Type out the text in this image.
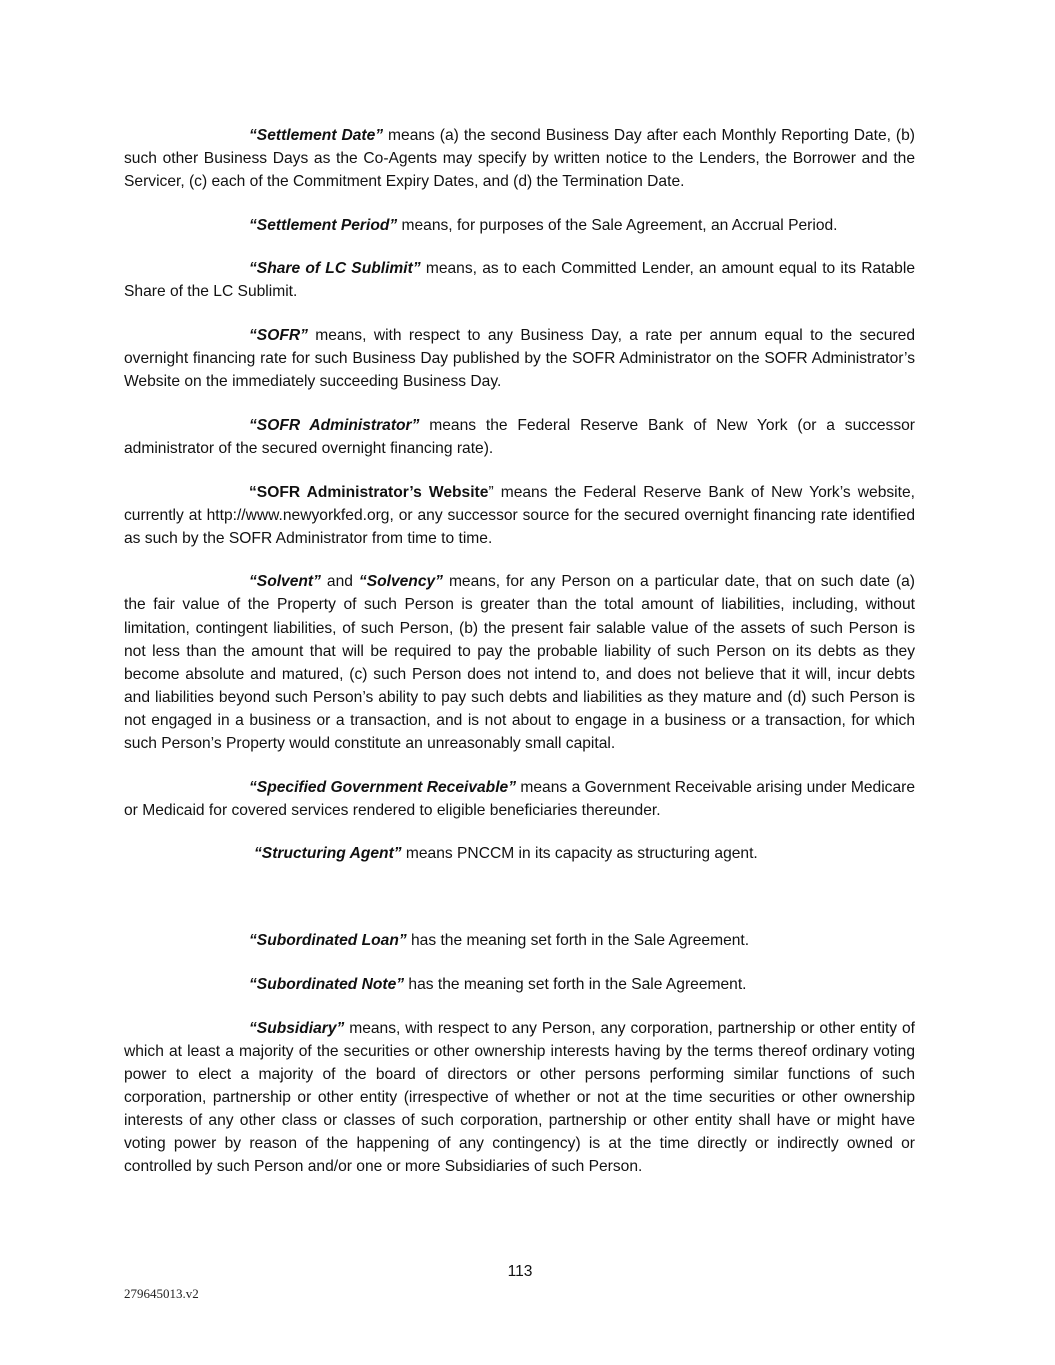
“Settlement Date” means (a) the second Business Day after each Monthly Reporting Date, (b) such other Business Days as the Co-Agents may specify by written notice to the Lenders, the Borrower and the Servicer, (c) each of the Commitment Expiry Dates, and (d) the Termination Date.

“Settlement Period” means, for purposes of the Sale Agreement, an Accrual Period.

“Share of LC Sublimit” means, as to each Committed Lender, an amount equal to its Ratable Share of the LC Sublimit.

“SOFR” means, with respect to any Business Day, a rate per annum equal to the secured overnight financing rate for such Business Day published by the SOFR Administrator on the SOFR Administrator’s Website on the immediately succeeding Business Day.

“SOFR Administrator” means the Federal Reserve Bank of New York (or a successor administrator of the secured overnight financing rate).

“SOFR Administrator’s Website” means the Federal Reserve Bank of New York’s website, currently at http://www.newyorkfed.org, or any successor source for the secured overnight financing rate identified as such by the SOFR Administrator from time to time.

“Solvent” and “Solvency” means, for any Person on a particular date, that on such date (a) the fair value of the Property of such Person is greater than the total amount of liabilities, including, without limitation, contingent liabilities, of such Person, (b) the present fair salable value of the assets of such Person is not less than the amount that will be required to pay the probable liability of such Person on its debts as they become absolute and matured, (c) such Person does not intend to, and does not believe that it will, incur debts and liabilities beyond such Person’s ability to pay such debts and liabilities as they mature and (d) such Person is not engaged in a business or a transaction, and is not about to engage in a business or a transaction, for which such Person’s Property would constitute an unreasonably small capital.

“Specified Government Receivable” means a Government Receivable arising under Medicare or Medicaid for covered services rendered to eligible beneficiaries thereunder.

“Structuring Agent” means PNCCM in its capacity as structuring agent.

“Subordinated Loan” has the meaning set forth in the Sale Agreement.

“Subordinated Note” has the meaning set forth in the Sale Agreement.

“Subsidiary” means, with respect to any Person, any corporation, partnership or other entity of which at least a majority of the securities or other ownership interests having by the terms thereof ordinary voting power to elect a majority of the board of directors or other persons performing similar functions of such corporation, partnership or other entity (irrespective of whether or not at the time securities or other ownership interests of any other class or classes of such corporation, partnership or other entity shall have or might have voting power by reason of the happening of any contingency) is at the time directly or indirectly owned or controlled by such Person and/or one or more Subsidiaries of such Person.

113
279645013.v2
